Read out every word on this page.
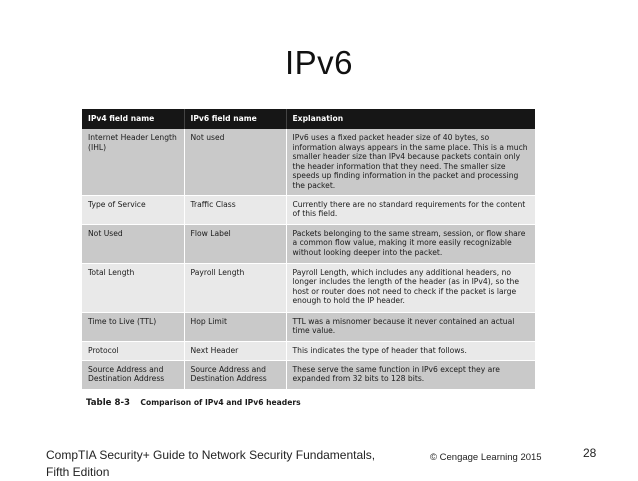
IPv6
IPv4 field name	IPv6 field name	Explanation
Internet Header Length (IHL)	Not used	IPv6 uses a fixed packet header size of 40 bytes, so information always appears in the same place. This is a much smaller header size than IPv4 because packets contain only the header information that they need. The smaller size speeds up finding information in the packet and processing the packet.
Type of Service	Traffic Class	Currently there are no standard requirements for the content of this field.
Not Used	Flow Label	Packets belonging to the same stream, session, or flow share a common flow value, making it more easily recognizable without looking deeper into the packet.
Total Length	Payroll Length	Payroll Length, which includes any additional headers, no longer includes the length of the header (as in IPv4), so the host or router does not need to check if the packet is large enough to hold the IP header.
Time to Live (TTL)	Hop Limit	TTL was a misnomer because it never contained an actual time value.
Protocol	Next Header	This indicates the type of header that follows.
Source Address and Destination Address	Source Address and Destination Address	These serve the same function in IPv6 except they are expanded from 32 bits to 128 bits.
Table 8-3 Comparison of IPv4 and IPv6 headers
CompTIA Security+ Guide to Network Security Fundamentals,
Fifth Edition
© Cengage Learning 2015	28
